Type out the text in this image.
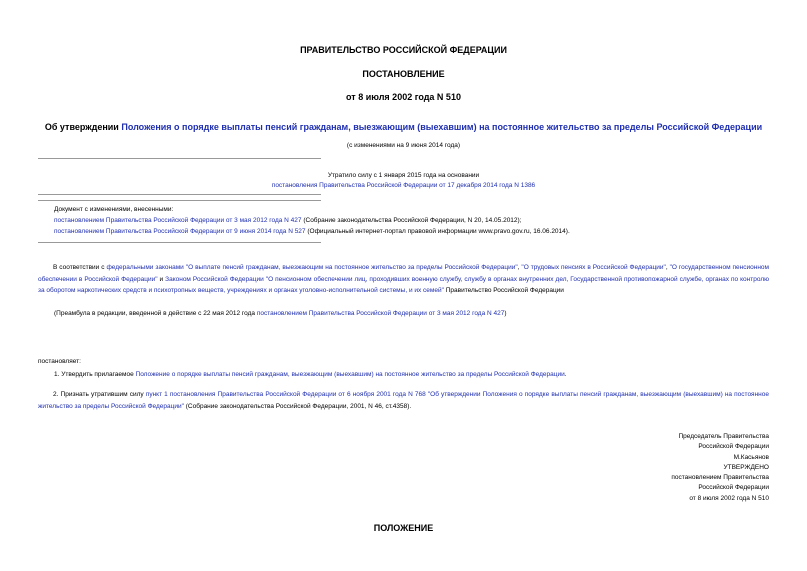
ПРАВИТЕЛЬСТВО РОССИЙСКОЙ ФЕДЕРАЦИИ
ПОСТАНОВЛЕНИЕ
от 8 июля 2002 года N 510
Об утверждении Положения о порядке выплаты пенсий гражданам, выезжающим (выехавшим) на постоянное жительство за пределы Российской Федерации
(с изменениями на 9 июня 2014 года)
Утратило силу с 1 января 2015 года на основании
постановления Правительства Российской Федерации от 17 декабря 2014 года N 1386
Документ с изменениями, внесенными:
постановлением Правительства Российской Федерации от 3 мая 2012 года N 427 (Собрание законодательства Российской Федерации, N 20, 14.05.2012);
постановлением Правительства Российской Федерации от 9 июня 2014 года N 527 (Официальный интернет-портал правовой информации www.pravo.gov.ru, 16.06.2014).
В соответствии с федеральными законами "О выплате пенсий гражданам, выезжающим на постоянное жительство за пределы Российской Федерации", "О трудовых пенсиях в Российской Федерации", "О государственном пенсионном обеспечении в Российской Федерации" и Законом Российской Федерации "О пенсионном обеспечении лиц, проходивших военную службу, службу в органах внутренних дел, Государственной противопожарной службе, органах по контролю за оборотом наркотических средств и психотропных веществ, учреждениях и органах уголовно-исполнительной системы, и их семей" Правительство Российской Федерации
(Преамбула в редакции, введенной в действие с 22 мая 2012 года постановлением Правительства Российской Федерации от 3 мая 2012 года N 427)
постановляет:
1. Утвердить прилагаемое Положение о порядке выплаты пенсий гражданам, выезжающим (выехавшим) на постоянное жительство за пределы Российской Федерации.
2. Признать утратившим силу пункт 1 постановления Правительства Российской Федерации от 6 ноября 2001 года N 768 "Об утверждении Положения о порядке выплаты пенсий гражданам, выезжающим (выехавшим) на постоянное жительство за пределы Российской Федерации" (Собрание законодательства Российской Федерации, 2001, N 46, ст.4358).
Председатель Правительства
Российской Федерации
М.Касьянов
УТВЕРЖДЕНО
постановлением Правительства
Российской Федерации
от 8 июля 2002 года N 510
ПОЛОЖЕНИЕ
